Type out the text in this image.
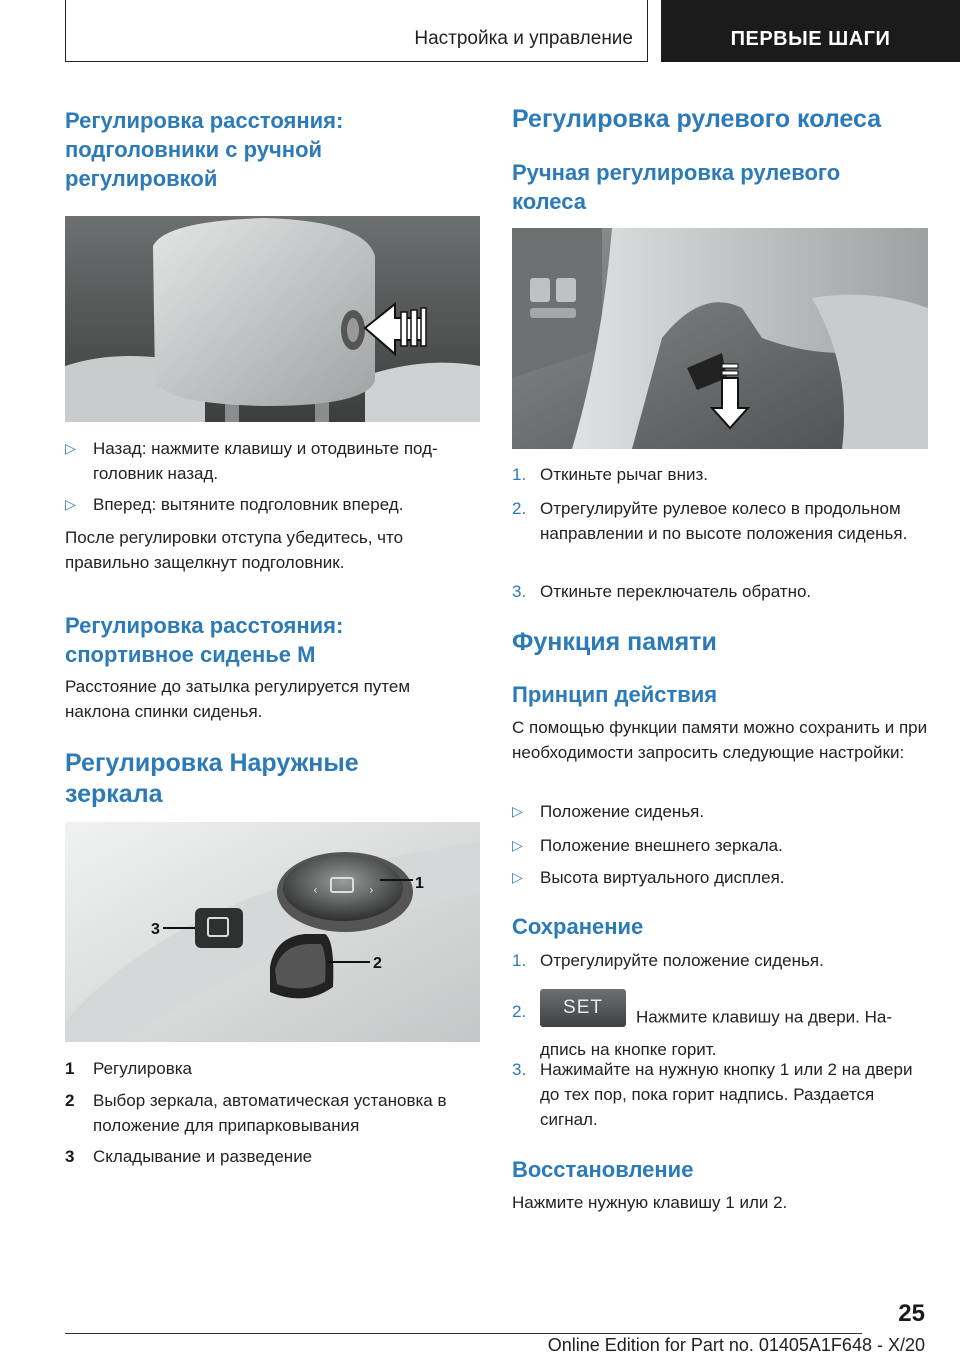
Настройка и управление	ПЕРВЫЕ ШАГИ
Регулировка расстояния: подголовники с ручной регулировкой
▷ Назад: нажмите клавишу и отодвиньте подголовник назад.
▷ Вперед: вытяните подголовник вперед.

После регулировки отступа убедитесь, что правильно защелкнут подголовник.

Регулировка расстояния: спортивное сиденье M

Расстояние до затылка регулируется путем наклона спинки сиденья.

Регулировка Наружные зеркала
‹	›	1
3
2
1 Регулировка
2 Выбор зеркала, автоматическая установка в положение для припарковывания
3 Складывание и разведение
Регулировка рулевого колеса
Ручная регулировка рулевого колеса
1. Откиньте рычаг вниз.
2. Отрегулируйте рулевое колесо в продольном направлении и по высоте положения сиденья.
3. Откиньте переключатель обратно.
Функция памяти
Принцип действия

С помощью функции памяти можно сохранить и при необходимости запросить следующие настройки:

▷ Положение сиденья.
▷ Положение внешнего зеркала.
▷ Высота виртуального дисплея.
Сохранение
1. Отрегулируйте положение сиденья.
2.	SET Нажмите клавишу на двери. Надпись на кнопке горит.
3. Нажимайте на нужную кнопку 1 или 2 на двери до тех пор, пока горит надпись. Раздается сигнал.
Восстановление

Нажмите нужную клавишу 1 или 2.

25
Online Edition for Part no. 01405A1F648 - X/20
